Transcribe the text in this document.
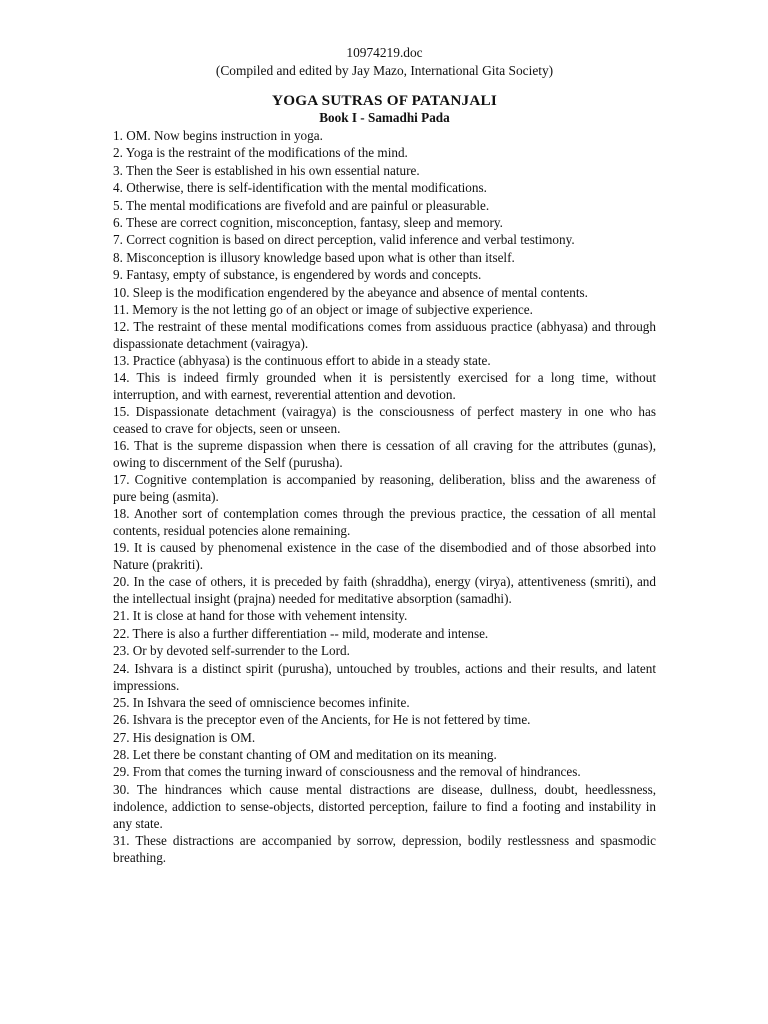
10974219.doc

(Compiled and edited by Jay Mazo, International Gita Society)

YOGA SUTRAS OF PATANJALI
Book I - Samadhi Pada
1. OM. Now begins instruction in yoga.
2. Yoga is the restraint of the modifications of the mind.
3. Then the Seer is established in his own essential nature.
4. Otherwise, there is self-identification with the mental modifications.
5. The mental modifications are fivefold and are painful or pleasurable.
6. These are correct cognition, misconception, fantasy, sleep and memory.
7. Correct cognition is based on direct perception, valid inference and verbal testimony.
8. Misconception is illusory knowledge based upon what is other than itself.
9. Fantasy, empty of substance, is engendered by words and concepts.
10. Sleep is the modification engendered by the abeyance and absence of mental contents.
11. Memory is the not letting go of an object or image of subjective experience.
12. The restraint of these mental modifications comes from assiduous practice (abhyasa) and through dispassionate detachment (vairagya).
13. Practice (abhyasa) is the continuous effort to abide in a steady state.
14. This is indeed firmly grounded when it is persistently exercised for a long time, without interruption, and with earnest, reverential attention and devotion.
15. Dispassionate detachment (vairagya) is the consciousness of perfect mastery in one who has ceased to crave for objects, seen or unseen.
16. That is the supreme dispassion when there is cessation of all craving for the attributes (gunas), owing to discernment of the Self (purusha).
17. Cognitive contemplation is accompanied by reasoning, deliberation, bliss and the awareness of pure being (asmita).
18. Another sort of contemplation comes through the previous practice, the cessation of all mental contents, residual potencies alone remaining.
19. It is caused by phenomenal existence in the case of the disembodied and of those absorbed into Nature (prakriti).
20. In the case of others, it is preceded by faith (shraddha), energy (virya), attentiveness (smriti), and the intellectual insight (prajna) needed for meditative absorption (samadhi).
21. It is close at hand for those with vehement intensity.
22. There is also a further differentiation -- mild, moderate and intense.
23. Or by devoted self-surrender to the Lord.
24. Ishvara is a distinct spirit (purusha), untouched by troubles, actions and their results, and latent impressions.
25. In Ishvara the seed of omniscience becomes infinite.
26. Ishvara is the preceptor even of the Ancients, for He is not fettered by time.
27. His designation is OM.
28. Let there be constant chanting of OM and meditation on its meaning.
29. From that comes the turning inward of consciousness and the removal of hindrances.
30. The hindrances which cause mental distractions are disease, dullness, doubt, heedlessness, indolence, addiction to sense-objects, distorted perception, failure to find a footing and instability in any state.
31. These distractions are accompanied by sorrow, depression, bodily restlessness and spasmodic breathing.
